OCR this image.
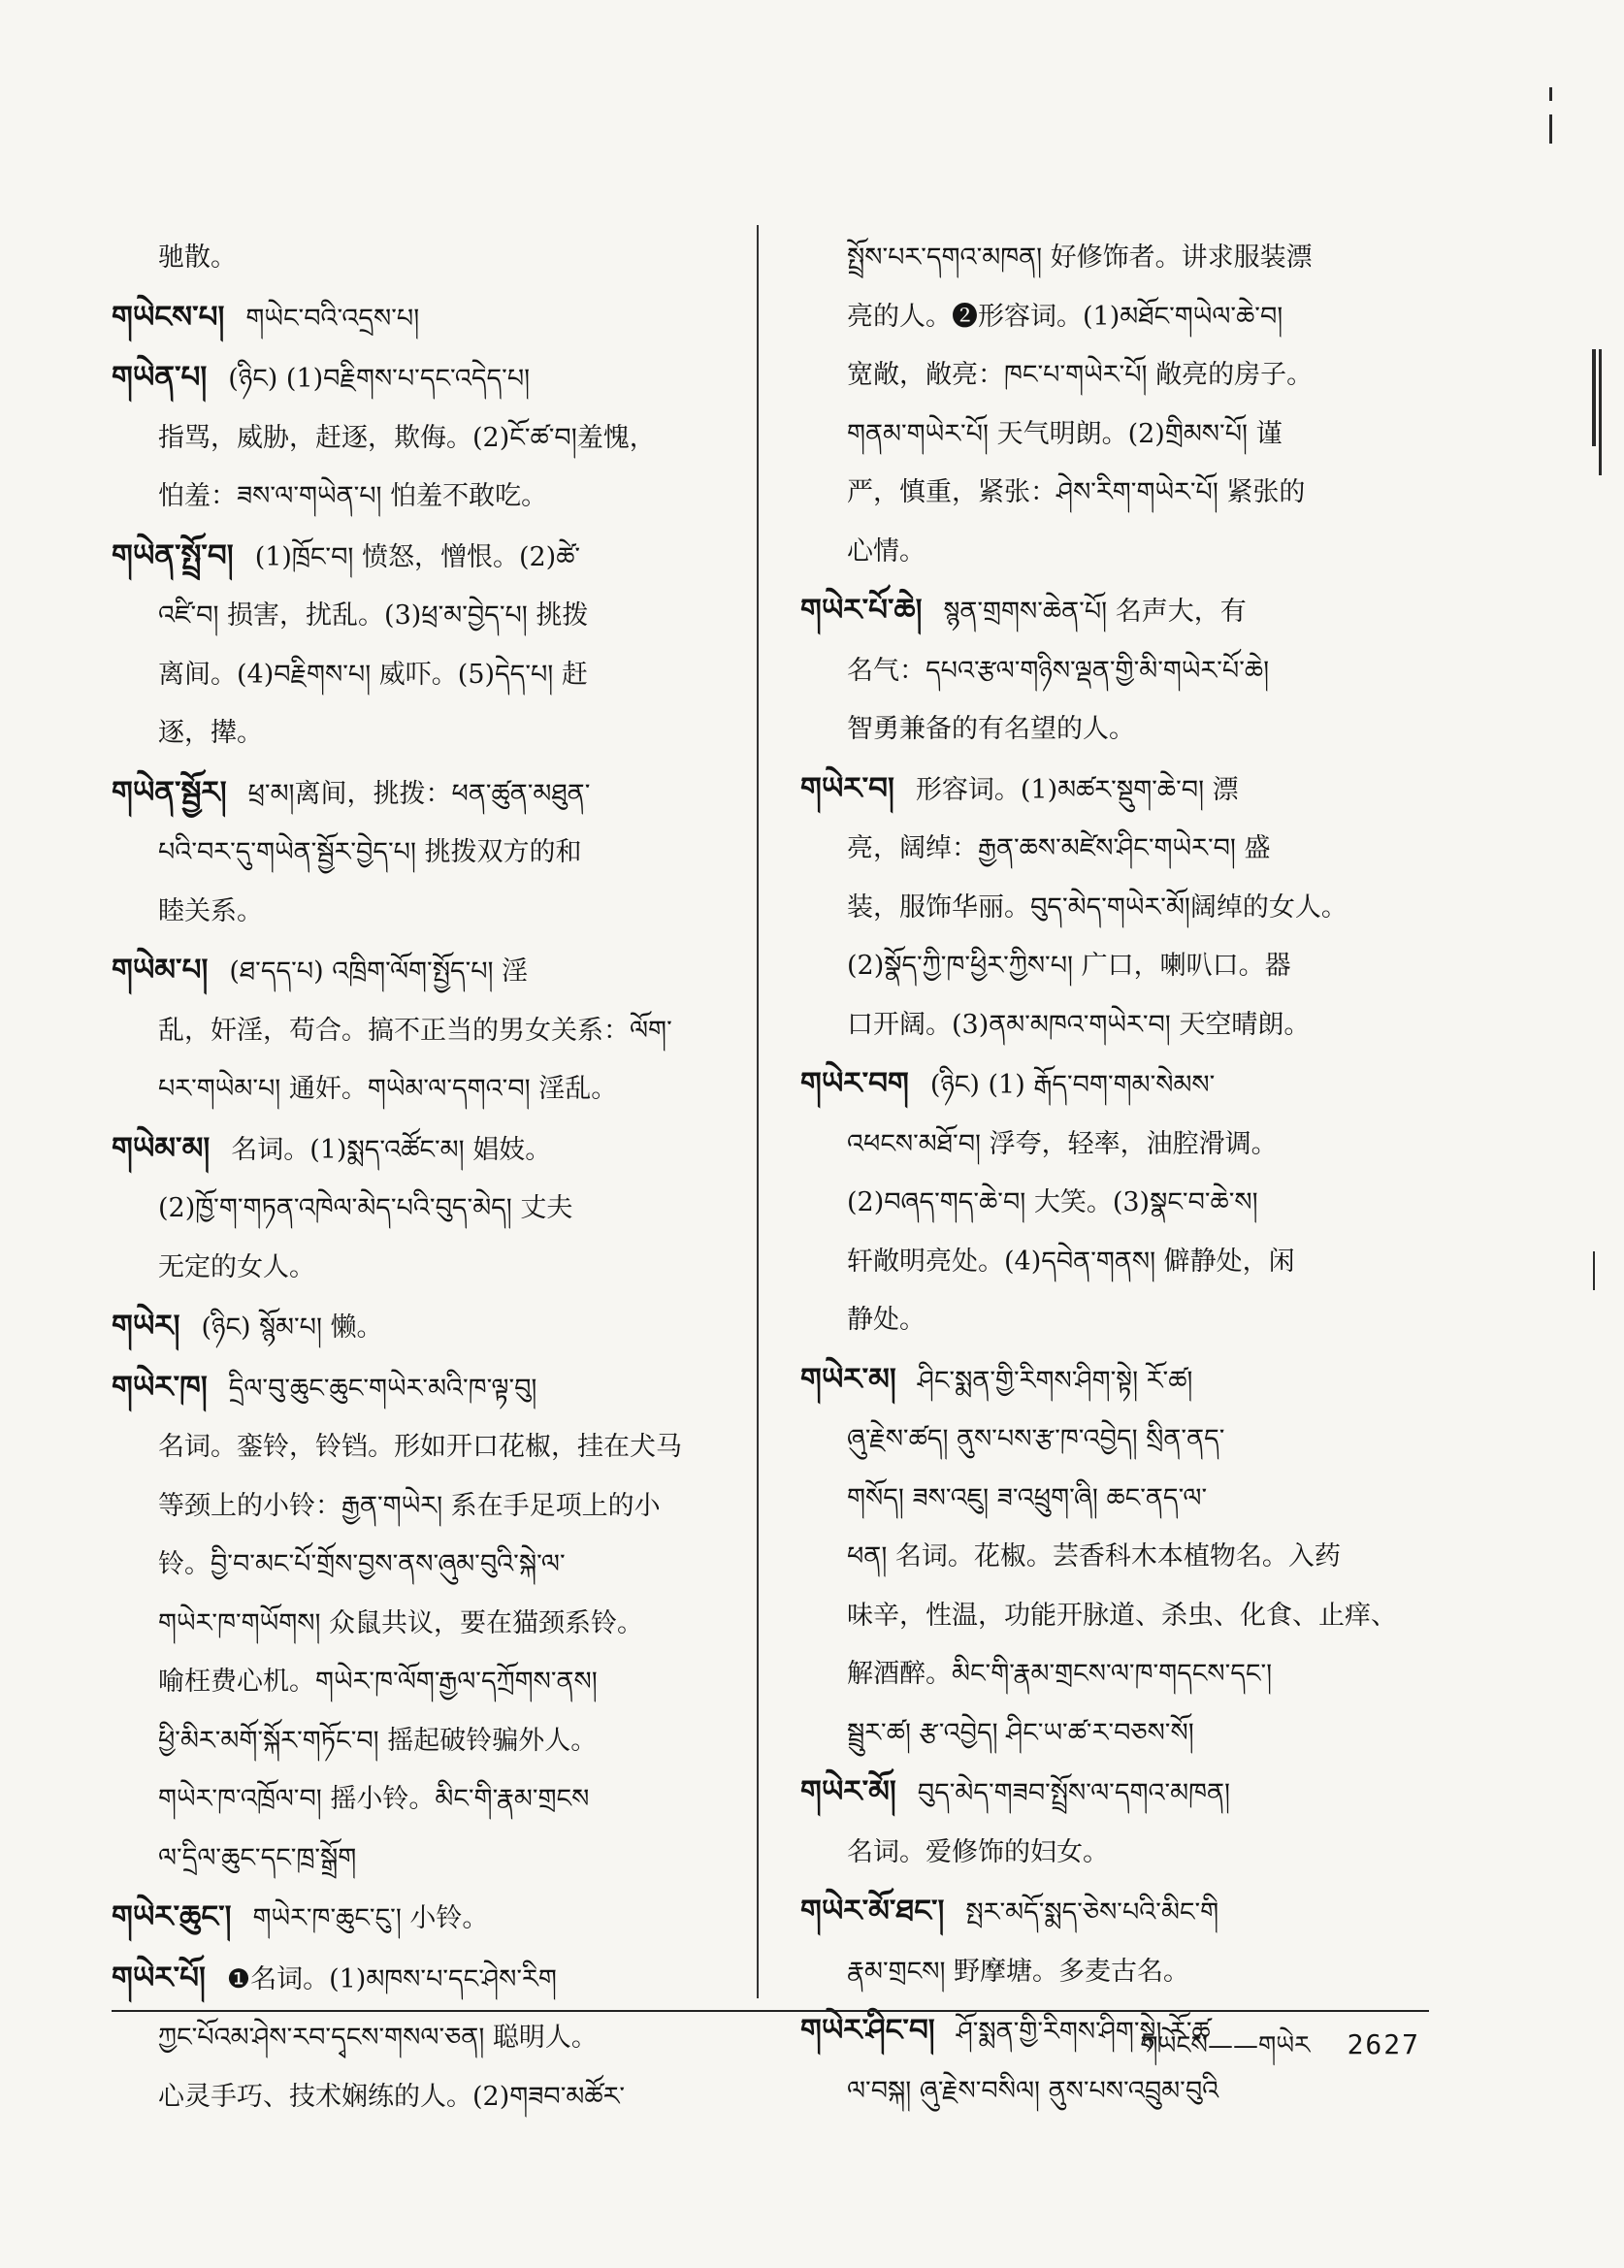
驰散。
གཡེངས་པ། གཡེང་བའི་འདྲས་པ།
གཡེན་པ། (ཉིང) (1)བརྗིགས་པ་དང་འདེད་པ།
指骂，威胁，赶逐，欺侮。(2)ངོ་ཚ་བ།羞愧，
怕羞：ཟས་ལ་གཡེན་པ། 怕羞不敢吃。
གཡེན་སྤྲོ་བ། (1)ཁྲོང་བ། 愤怒，憎恨。(2)ཚེ་
འཛི་བ། 损害，扰乱。(3)ཕྲ་མ་བྱེད་པ། 挑拨
离间。(4)བརྗིགས་པ། 威吓。(5)དེད་པ། 赶
逐，撵。
གཡེན་སྦྱོར། ཕྲ་མ།离间，挑拨：ཕན་ཚུན་མཐུན་
པའི་བར་དུ་གཡེན་སྦྱོར་བྱེད་པ། 挑拨双方的和
睦关系。
གཡེམ་པ། (ཐ་དད་པ) འཁྲིག་ལོག་སྤྱོད་པ། 淫
乱，奸淫，苟合。搞不正当的男女关系：ལོག་
པར་གཡེམ་པ། 通奸。གཡེམ་ལ་དགའ་བ། 淫乱。
གཡེམ་མ། 名词。(1)སྨད་འཚོང་མ། 娼妓。
(2)ཁྱོ་ག་གཏན་འཁེལ་མེད་པའི་བུད་མེད། 丈夫
无定的女人。
གཡེར། (ཉིང) སྙོམ་པ། 懒。
གཡེར་ཁ། དྲིལ་བུ་ཆུང་ཆུང་གཡེར་མའི་ཁ་ལྟ་བུ།
名词。銮铃，铃铛。形如开口花椒，挂在犬马
等颈上的小铃：རྒྱན་གཡེར། 系在手足项上的小
铃。བྱི་བ་མང་པོ་གྲོས་བྱས་ནས་ཞུམ་བུའི་སྐེ་ལ་
གཡེར་ཁ་གཡོགས། 众鼠共议，要在猫颈系铃。
喻枉费心机。གཡེར་ཁ་ལོག་རྒྱལ་དཀྲོགས་ནས།
ཕྱི་མིར་མགོ་སྐོར་གཏོང་བ། 摇起破铃骗外人。
གཡེར་ཁ་འཁྲོལ་བ། 摇小铃。མིང་གི་རྣམ་གྲངས
ལ་དྲིལ་ཆུང་དང་ཁྲ་སྒྲོག
གཡེར་ཆུང་། གཡེར་ཁ་ཆུང་ངུ་། 小铃。
གཡེར་པོ། ❶名词。(1)མཁས་པ་དང་ཤེས་རིག
ཀྱང་པོའམ་ཤེས་རབ་དྭངས་གསལ་ཅན། 聪明人。
心灵手巧、技术娴练的人。(2)གཟབ་མཚོར་
སྤྲོས་པར་དགའ་མཁན། 好修饰者。讲求服装漂
亮的人。❷形容词。(1)མཐོང་གཡེལ་ཆེ་བ།
宽敞，敞亮：ཁང་པ་གཡེར་པོ། 敞亮的房子。
གནམ་གཡེར་པོ། 天气明朗。(2)གྲིམས་པོ། 谨
严，慎重，紧张：ཤེས་རིག་གཡེར་པོ། 紧张的
心情。
གཡེར་པོ་ཆེ། སྙན་གྲགས་ཆེན་པོ། 名声大，有
名气：དཔའ་རྩལ་གཉིས་ལྡན་གྱི་མི་གཡེར་པོ་ཆེ།
智勇兼备的有名望的人。
གཡེར་བ། 形容词。(1)མཚར་སྡུག་ཆེ་བ། 漂
亮，阔绰：རྒྱན་ཆས་མཛེས་ཤིང་གཡེར་བ། 盛
装，服饰华丽。བུད་མེད་གཡེར་མོ།阔绰的女人。
(2)སྣོད་ཀྱི་ཁ་ཕྱིར་ཀྱིས་པ། 广口，喇叭口。器
口开阔。(3)ནམ་མཁའ་གཡེར་བ། 天空晴朗。
གཡེར་བག (ཉིང) (1) རྒོད་བག་གམ་སེམས་
འཕངས་མཐོ་བ། 浮夸，轻率，油腔滑调。
(2)བཞད་གད་ཆེ་བ། 大笑。(3)སྣང་བ་ཆེ་ས།
轩敞明亮处。(4)དབེན་གནས། 僻静处，闲
静处。
གཡེར་མ། ཤིང་སྨན་གྱི་རིགས་ཤིག་སྟེ། རོ་ཚ།
ཞུ་རྗེས་ཚད། ནུས་པས་རྩ་ཁ་འབྱེད། སྲིན་ནད་
གསོད། ཟས་འཇུ། ཟ་འཕྲུག་ཞི། ཆང་ནད་ལ་
ཕན། 名词。花椒。芸香科木本植物名。入药
味辛，性温，功能开脉道、杀虫、化食、止痒、
解酒醉。མིང་གི་རྣམ་གྲངས་ལ་ཁ་གདངས་དང་།
སྦྲུར་ཚ། རྩ་འབྱེད། ཤིང་ཡ་ཚ་ར་བཅས་སོ།
གཡེར་མོ། བུད་མེད་གཟབ་སྤྲོས་ལ་དགའ་མཁན།
名词。爱修饰的妇女。
གཡེར་མོ་ཐང་། སྤར་མདོ་སྨད་ཅེས་པའི་མིང་གི
རྣམ་གྲངས། 野摩塘。多麦古名。
གཡེར་ཤིང་བ། ཤོ་སྨན་གྱི་རིགས་ཤིག་སྟེ། རོ་ཚ
ལ་བསྐ། ཞུ་རྗེས་བསིལ། ནུས་པས་འབྲུམ་བུའི
གཡེངས——གཡེར 2627
